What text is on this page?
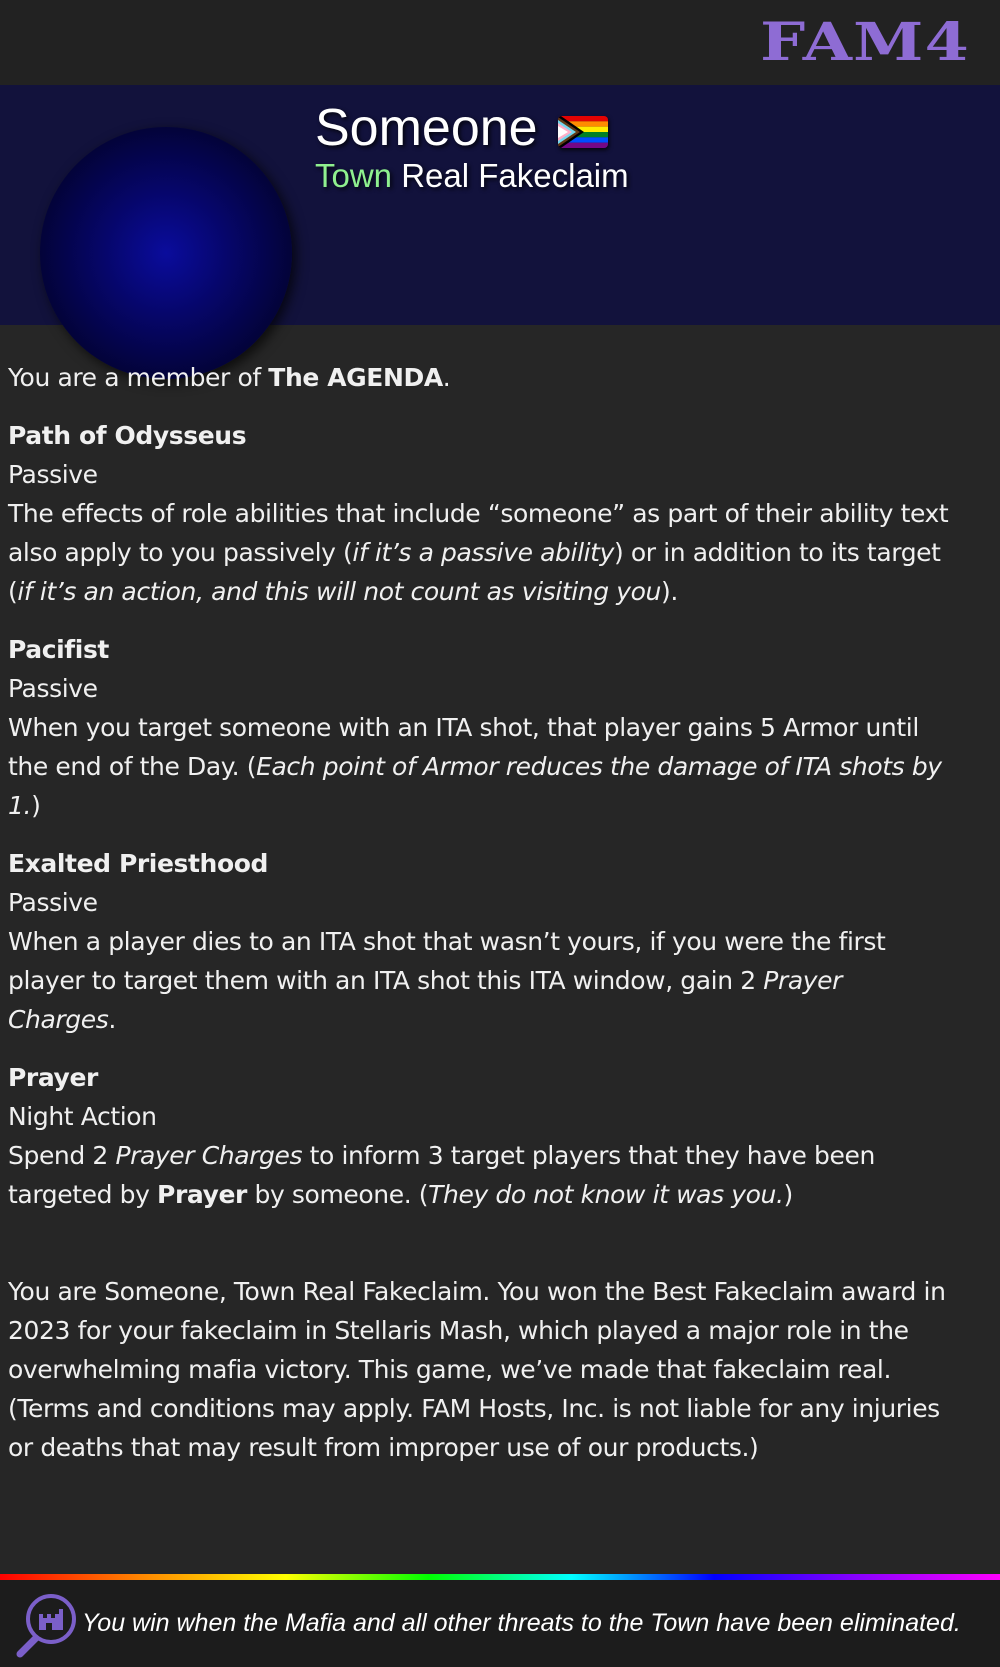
FAM4
Someone
Town Real Fakeclaim

You are a member of The AGENDA.

Path of Odysseus

Passive

The effects of role abilities that include “someone” as part of their ability text also apply to you passively (if it’s a passive ability) or in addition to its target (if it’s an action, and this will not count as visiting you).

Pacifist

Passive

When you target someone with an ITA shot, that player gains 5 Armor until the end of the Day. (Each point of Armor reduces the damage of ITA shots by 1.)

Exalted Priesthood

Passive

When a player dies to an ITA shot that wasn’t yours, if you were the first player to target them with an ITA shot this ITA window, gain 2 Prayer Charges.

Prayer

Night Action

Spend 2 Prayer Charges to inform 3 target players that they have been targeted by Prayer by someone. (They do not know it was you.)

You are Someone, Town Real Fakeclaim. You won the Best Fakeclaim award in 2023 for your fakeclaim in Stellaris Mash, which played a major role in the overwhelming mafia victory. This game, we’ve made that fakeclaim real. (Terms and conditions may apply. FAM Hosts, Inc. is not liable for any injuries or deaths that may result from improper use of our products.)

You win when the Mafia and all other threats to the Town have been eliminated.
